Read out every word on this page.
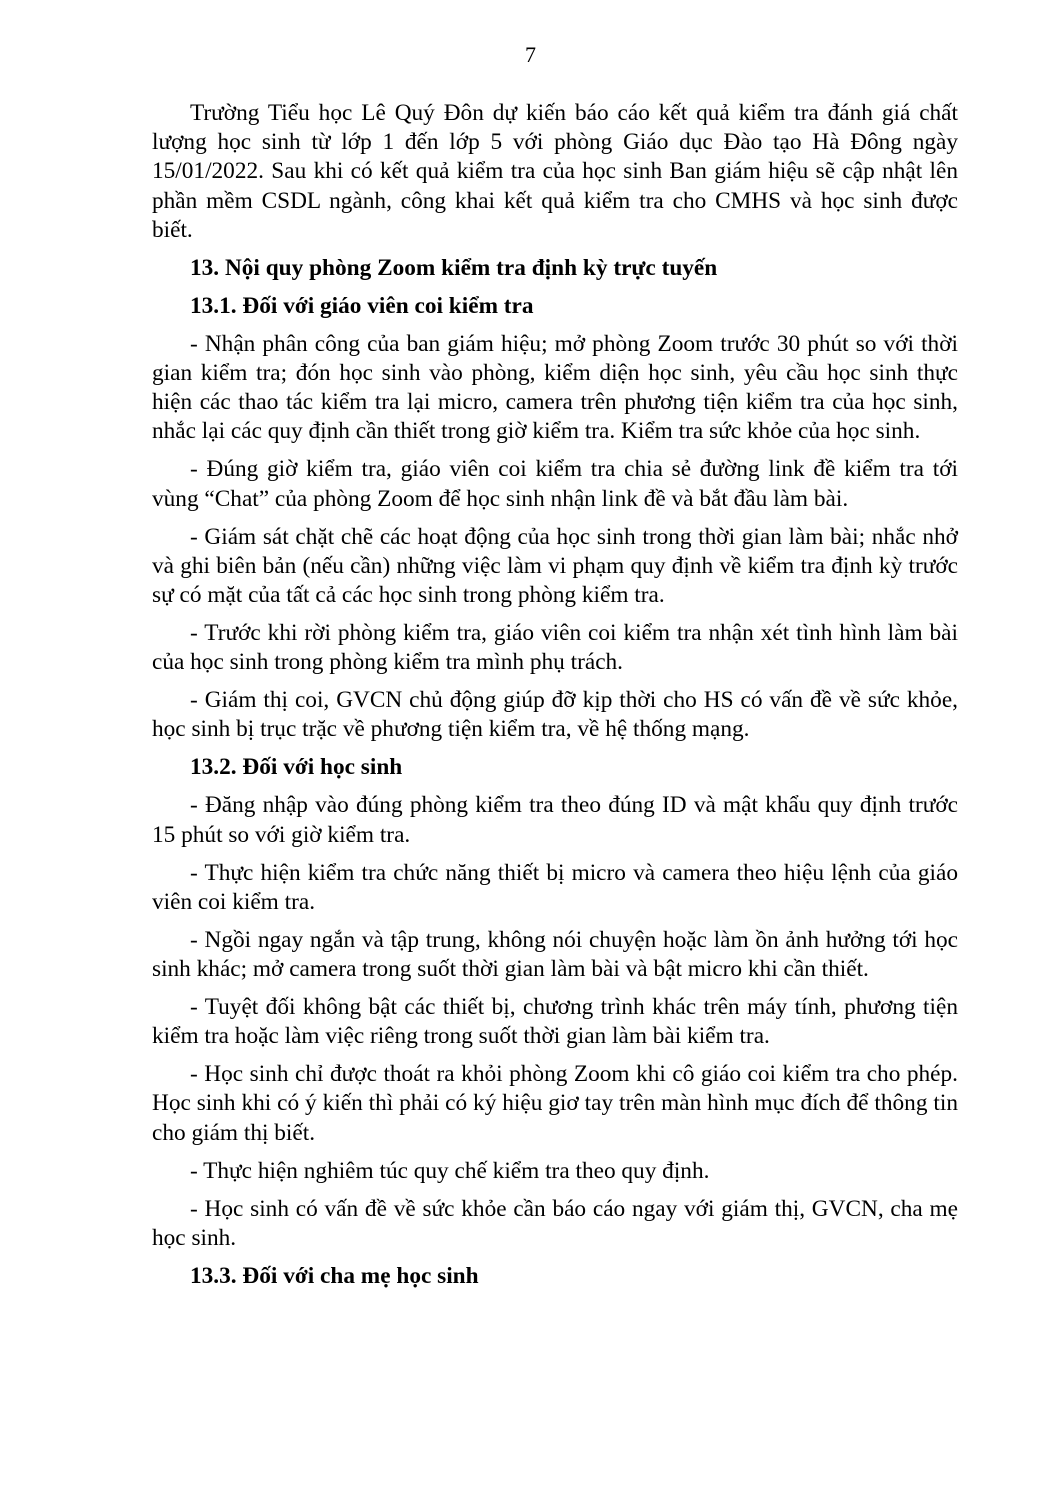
7

Trường Tiểu học Lê Quý Đôn dự kiến báo cáo kết quả kiểm tra đánh giá chất lượng học sinh từ lớp 1 đến lớp 5 với phòng Giáo dục Đào tạo Hà Đông ngày 15/01/2022. Sau khi có kết quả kiểm tra của học sinh Ban giám hiệu sẽ cập nhật lên phần mềm CSDL ngành, công khai kết quả kiểm tra cho CMHS và học sinh được biết.

13. Nội quy phòng Zoom kiểm tra định kỳ trực tuyến

13.1. Đối với giáo viên coi kiểm tra

- Nhận phân công của ban giám hiệu; mở phòng Zoom trước 30 phút so với thời gian kiểm tra; đón học sinh vào phòng, kiểm diện học sinh, yêu cầu học sinh thực hiện các thao tác kiểm tra lại micro, camera trên phương tiện kiểm tra của học sinh, nhắc lại các quy định cần thiết trong giờ kiểm tra. Kiểm tra sức khỏe của học sinh.

- Đúng giờ kiểm tra, giáo viên coi kiểm tra chia sẻ đường link đề kiểm tra tới vùng “Chat” của phòng Zoom để học sinh nhận link đề và bắt đầu làm bài.

- Giám sát chặt chẽ các hoạt động của học sinh trong thời gian làm bài; nhắc nhở và ghi biên bản (nếu cần) những việc làm vi phạm quy định về kiểm tra định kỳ trước sự có mặt của tất cả các học sinh trong phòng kiểm tra.

- Trước khi rời phòng kiểm tra, giáo viên coi kiểm tra nhận xét tình hình làm bài của học sinh trong phòng kiểm tra mình phụ trách.

- Giám thị coi, GVCN chủ động giúp đỡ kịp thời cho HS có vấn đề về sức khỏe, học sinh bị trục trặc về phương tiện kiểm tra, về hệ thống mạng.

13.2. Đối với học sinh

- Đăng nhập vào đúng phòng kiểm tra theo đúng ID và mật khẩu quy định trước 15 phút so với giờ kiểm tra.

- Thực hiện kiểm tra chức năng thiết bị micro và camera theo hiệu lệnh của giáo viên coi kiểm tra.

- Ngồi ngay ngắn và tập trung, không nói chuyện hoặc làm ồn ảnh hưởng tới học sinh khác; mở camera trong suốt thời gian làm bài và bật micro khi cần thiết.

- Tuyệt đối không bật các thiết bị, chương trình khác trên máy tính, phương tiện kiểm tra hoặc làm việc riêng trong suốt thời gian làm bài kiểm tra.

- Học sinh chỉ được thoát ra khỏi phòng Zoom khi cô giáo coi kiểm tra cho phép. Học sinh khi có ý kiến thì phải có ký hiệu giơ tay trên màn hình mục đích để thông tin cho giám thị biết.

- Thực hiện nghiêm túc quy chế kiểm tra theo quy định.

- Học sinh có vấn đề về sức khỏe cần báo cáo ngay với giám thị, GVCN, cha mẹ học sinh.

13.3. Đối với cha mẹ học sinh
